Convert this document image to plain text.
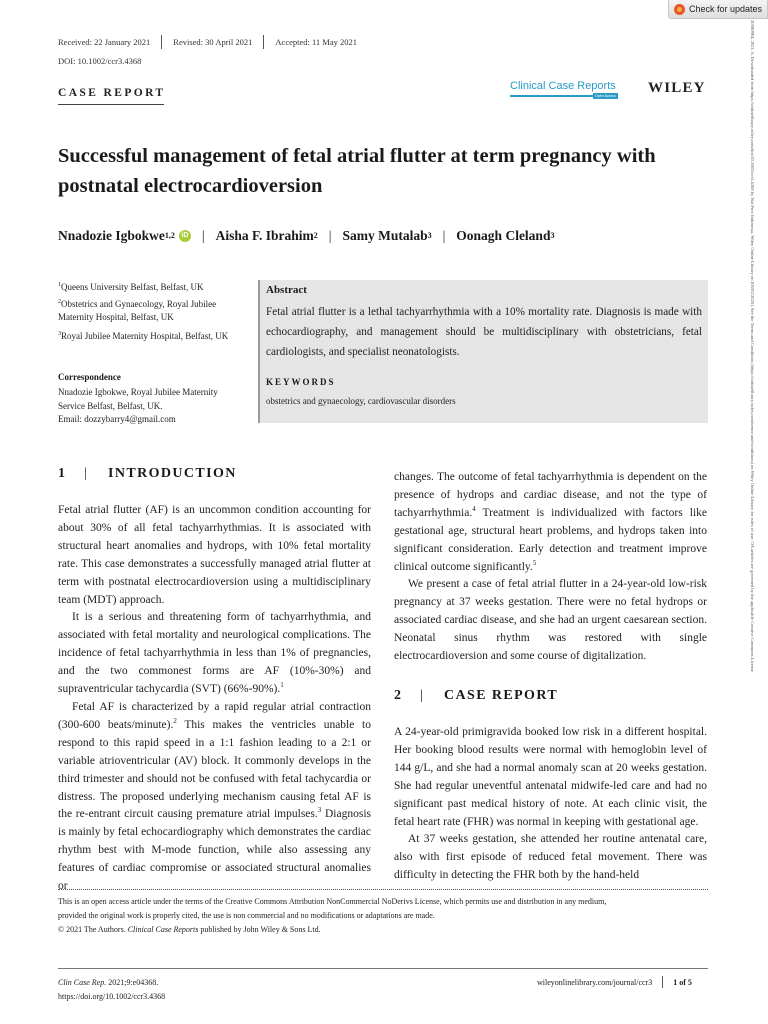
Check for updates
Received: 22 January 2021	Revised: 30 April 2021	Accepted: 11 May 2021
DOI: 10.1002/ccr3.4368
CASE REPORT
Clinical Case Reports
Open Access WILEY
Successful management of fetal atrial flutter at term pregnancy with postnatal electrocardioversion
Nnadozie Igbokwe$^{1,2}$ iD | Aisha F. Ibrahim$^2$ | Samy Mutalab$^3$ | Oonagh Cleland$^3$
$^1$Queens University Belfast, Belfast, UK
$^2$Obstetrics and Gynaecology, Royal Jubilee Maternity Hospital, Belfast, UK
$^3$Royal Jubilee Maternity Hospital, Belfast, UK
Correspondence
Nnadozie Igbokwe, Royal Jubilee Maternity Service Belfast, Belfast, UK.
Email: dozzybarry4@gmail.com
Abstract
Fetal atrial flutter is a lethal tachyarrhythmia with a 10% mortality rate. Diagnosis is made with echocardiography, and management should be multidisciplinary with obstetricians, fetal cardiologists, and specialist neonatologists.
KEYWORDS
obstetrics and gynaecology, cardiovascular disorders
1	|	INTRODUCTION

Fetal atrial flutter (AF) is an uncommon condition accounting for about 30% of all fetal tachyarrhythmias. It is associated with structural heart anomalies and hydrops, with 10% fetal mortality rate. This case demonstrates a successfully managed atrial flutter at term with postnatal electrocardioversion using a multidisciplinary team (MDT) approach.

It is a serious and threatening form of tachyarrhythmia, and associated with fetal mortality and neurological complications. The incidence of fetal tachyarrhythmia in less than 1% of pregnancies, and the two commonest forms are AF (10%-30%) and supraventricular tachycardia (SVT) (66%-90%).$^1$

Fetal AF is characterized by a rapid regular atrial contraction (300-600 beats/minute).$^2$ This makes the ventricles unable to respond to this rapid speed in a 1:1 fashion leading to a 2:1 or variable atrioventricular (AV) block. It commonly develops in the third trimester and should not be confused with fetal tachycardia or distress. The proposed underlying mechanism causing fetal AF is the re-entrant circuit causing premature atrial impulses.$^3$ Diagnosis is mainly by fetal echocardiography which demonstrates the cardiac rhythm best with M-mode function, while also assessing any features of cardiac compromise or associated structural anomalies or

changes. The outcome of fetal tachyarrhythmia is dependent on the presence of hydrops and cardiac disease, and not the type of tachyarrhythmia.$^4$ Treatment is individualized with factors like gestational age, structural heart problems, and hydrops taken into significant consideration. Early detection and treatment improve clinical outcome significantly.$^5$

We present a case of fetal atrial flutter in a 24-year-old low-risk pregnancy at 37 weeks gestation. There were no fetal hydrops or associated cardiac disease, and she had an urgent caesarean section. Neonatal sinus rhythm was restored with single electrocardioversion and some course of digitalization.

2	|	CASE REPORT

A 24-year-old primigravida booked low risk in a different hospital. Her booking blood results were normal with hemoglobin level of 144 g/L, and she had a normal anomaly scan at 20 weeks gestation. She had regular uneventful antenatal midwife-led care and had no significant past medical history of note. At each clinic visit, the fetal heart rate (FHR) was normal in keeping with gestational age.

At 37 weeks gestation, she attended her routine antenatal care, also with first episode of reduced fetal movement. There was difficulty in detecting the FHR both by the hand-held

This is an open access article under the terms of the Creative Commons Attribution NonCommercial NoDerivs License, which permits use and distribution in any medium,
provided the original work is properly cited, the use is non commercial and no modifications or adaptations are made.
© 2021 The Authors. Clinical Case Reports published by John Wiley & Sons Ltd.
Clin Case Rep. 2021;9:e04368.
https://doi.org/10.1002/ccr3.4368
wileyonlinelibrary.com/journal/ccr3	1 of 5
20500904, 2021, 6, Downloaded from https://onlinelibrary.wiley.com/doi/10.1002/ccr3.4368 by Nat Prov Indonesia, Wiley Online Library on [05/02/2025]. See the Terms and Conditions (https://onlinelibrary.wiley.com/terms-and-conditions) on Wiley Online Library for rules of use; OA articles are governed by the applicable Creative Commons License
